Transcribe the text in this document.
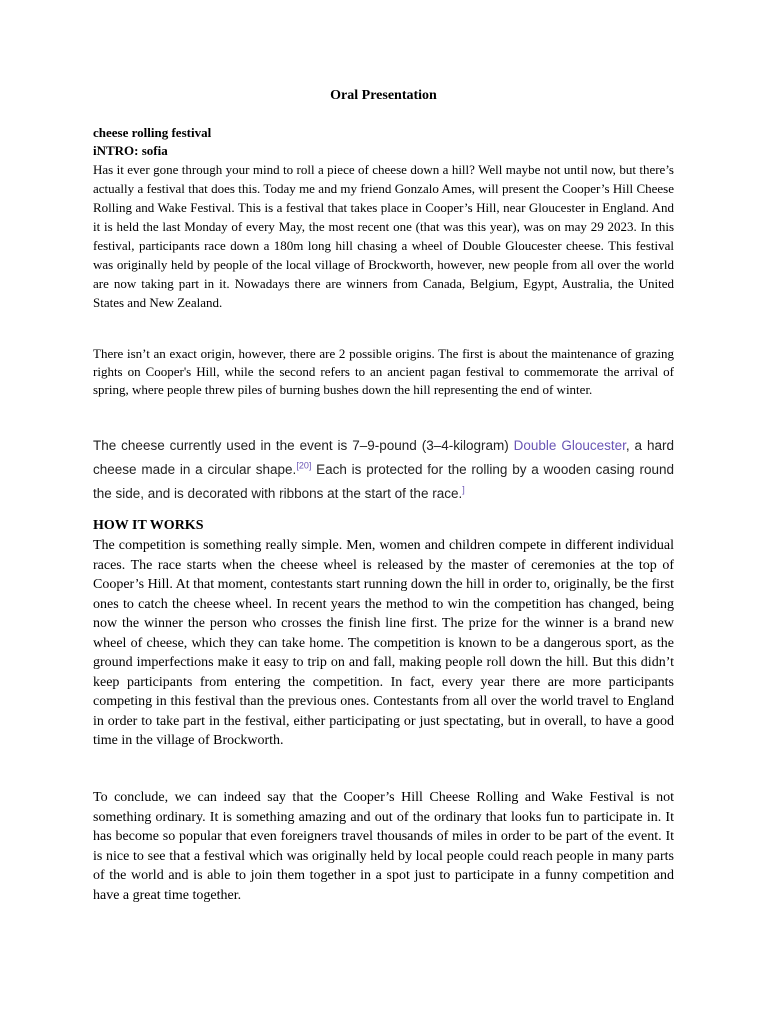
Oral Presentation
cheese rolling festival
iNTRO: sofia

Has it ever gone through your mind to roll a piece of cheese down a hill? Well maybe not until now, but there’s actually a festival that does this. Today me and my friend Gonzalo Ames, will present the Cooper’s Hill Cheese Rolling and Wake Festival. This is a festival that takes place in Cooper’s Hill, near Gloucester in England. And it is held the last Monday of every May, the most recent one (that was this year), was on may 29 2023. In this festival, participants race down a 180m long hill chasing a wheel of Double Gloucester cheese. This festival was originally held by people of the local village of Brockworth, however, new people from all over the world are now taking part in it. Nowadays there are winners from Canada, Belgium, Egypt, Australia, the United States and New Zealand.

There isn’t an exact origin, however, there are 2 possible origins. The first is about the maintenance of grazing rights on Cooper's Hill, while the second refers to an ancient pagan festival to commemorate the arrival of spring, where people threw piles of burning bushes down the hill representing the end of winter.

The cheese currently used in the event is 7–9-pound (3–4-kilogram) Double Gloucester, a hard cheese made in a circular shape.[20] Each is protected for the rolling by a wooden casing round the side, and is decorated with ribbons at the start of the race.]

HOW IT WORKS

The competition is something really simple. Men, women and children compete in different individual races. The race starts when the cheese wheel is released by the master of ceremonies at the top of Cooper’s Hill. At that moment, contestants start running down the hill in order to, originally, be the first ones to catch the cheese wheel. In recent years the method to win the competition has changed, being now the winner the person who crosses the finish line first. The prize for the winner is a brand new wheel of cheese, which they can take home. The competition is known to be a dangerous sport, as the ground imperfections make it easy to trip on and fall, making people roll down the hill. But this didn’t keep participants from entering the competition. In fact, every year there are more participants competing in this festival than the previous ones. Contestants from all over the world travel to England in order to take part in the festival, either participating or just spectating, but in overall, to have a good time in the village of Brockworth.

To conclude, we can indeed say that the Cooper’s Hill Cheese Rolling and Wake Festival is not something ordinary. It is something amazing and out of the ordinary that looks fun to participate in. It has become so popular that even foreigners travel thousands of miles in order to be part of the event. It is nice to see that a festival which was originally held by local people could reach people in many parts of the world and is able to join them together in a spot just to participate in a funny competition and have a great time together.
